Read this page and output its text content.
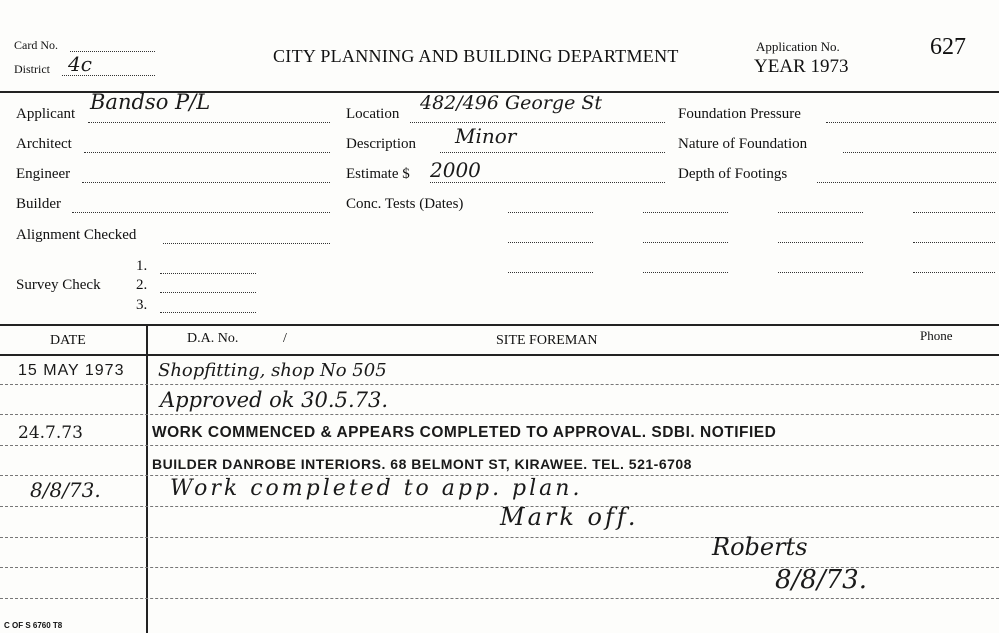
Card No.
District 4c	CITY PLANNING AND BUILDING DEPARTMENT	Application No.
YEAR 1973
627
Applicant Bandso P/L
Architect
Engineer
Builder
Alignment Checked
Survey Check
1.
2.
3.
Location 482/496 George St
Description Minor
Estimate $ 2000
Conc. Tests (Dates)
Foundation Pressure
Nature of Foundation
Depth of Footings
DATE	D.A. No.	/	SITE FOREMAN	Phone
15 MAY 1973 Shopfitting, shop No 505
Approved ok 30.5.73.
24.7.73	WORK COMMENCED & APPEARS COMPLETED TO APPROVAL. SDBI. NOTIFIED
BUILDER DANROBE INTERIORS. 68 BELMONT ST, KIRAWEE. TEL. 521-6708
8/8/73.	Work completed to app. plan.
Mark off.
Roberts
8/8/73.
C OF S 6760 T8
